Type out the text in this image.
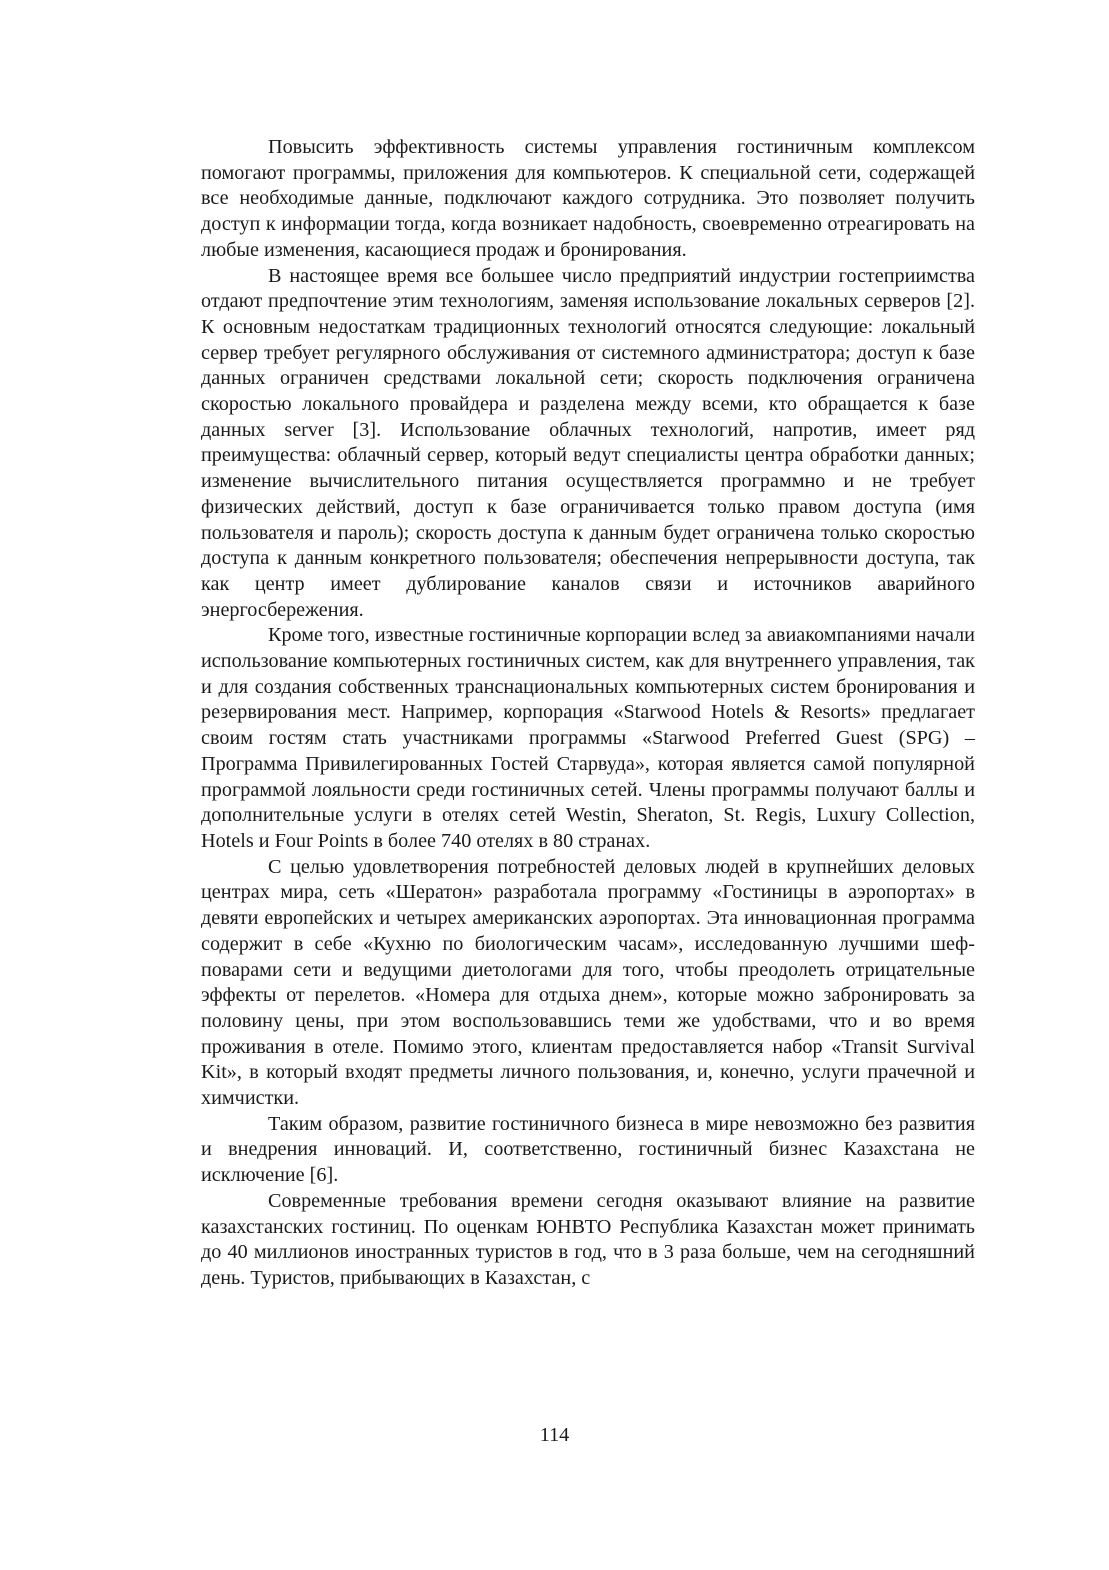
Повысить эффективность системы управления гостиничным комплексом помогают программы, приложения для компьютеров. К специальной сети, содержащей все необходимые данные, подключают каждого сотрудника. Это позволяет получить доступ к информации тогда, когда возникает надобность, своевременно отреагировать на любые изменения, касающиеся продаж и бронирования.

В настоящее время все большее число предприятий индустрии гостеприимства отдают предпочтение этим технологиям, заменяя использование локальных серверов [2]. К основным недостаткам традиционных технологий относятся следующие: локальный сервер требует регулярного обслуживания от системного администратора; доступ к базе данных ограничен средствами локальной сети; скорость подключения ограничена скоростью локального провайдера и разделена между всеми, кто обращается к базе данных server [3]. Использование облачных технологий, напротив, имеет ряд преимущества: облачный сервер, который ведут специалисты центра обработки данных; изменение вычислительного питания осуществляется программно и не требует физических действий, доступ к базе ограничивается только правом доступа (имя пользователя и пароль); скорость доступа к данным будет ограничена только скоростью доступа к данным конкретного пользователя; обеспечения непрерывности доступа, так как центр имеет дублирование каналов связи и источников аварийного энергосбережения.

Кроме того, известные гостиничные корпорации вслед за авиакомпаниями начали использование компьютерных гостиничных систем, как для внутреннего управления, так и для создания собственных транснациональных компьютерных систем бронирования и резервирования мест. Например, корпорация «Starwood Hotels & Resorts» предлагает своим гостям стать участниками программы «Starwood Preferred Guest (SPG) – Программа Привилегированных Гостей Старвуда», которая является самой популярной программой лояльности среди гостиничных сетей. Члены программы получают баллы и дополнительные услуги в отелях сетей Westin, Sheraton, St. Regis, Luxury Collection, Hotels и Four Points в более 740 отелях в 80 странах.

С целью удовлетворения потребностей деловых людей в крупнейших деловых центрах мира, сеть «Шератон» разработала программу «Гостиницы в аэропортах» в девяти европейских и четырех американских аэропортах. Эта инновационная программа содержит в себе «Кухню по биологическим часам», исследованную лучшими шеф-поварами сети и ведущими диетологами для того, чтобы преодолеть отрицательные эффекты от перелетов. «Номера для отдыха днем», которые можно забронировать за половину цены, при этом воспользовавшись теми же удобствами, что и во время проживания в отеле. Помимо этого, клиентам предоставляется набор «Transit Survival Kit», в который входят предметы личного пользования, и, конечно, услуги прачечной и химчистки.

Таким образом, развитие гостиничного бизнеса в мире невозможно без развития и внедрения инноваций. И, соответственно, гостиничный бизнес Казахстана не исключение [6].

Современные требования времени сегодня оказывают влияние на развитие казахстанских гостиниц. По оценкам ЮНВТО Республика Казахстан может принимать до 40 миллионов иностранных туристов в год, что в 3 раза больше, чем на сегодняшний день. Туристов, прибывающих в Казахстан, с

114
